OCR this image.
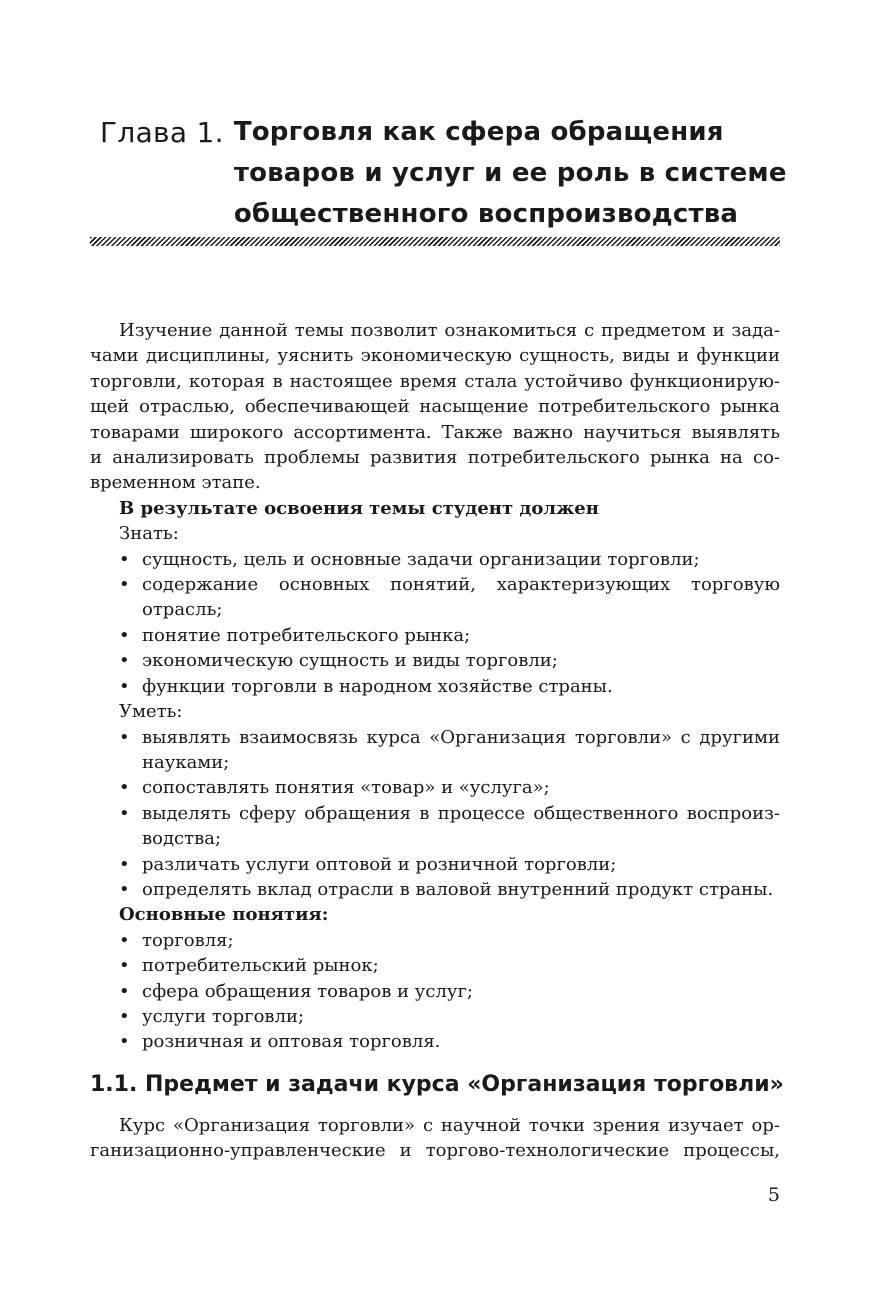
Глава 1. Торговля как сфера обращения
товаров и услуг и ее роль в системе
общественного воспроизводства

Изучение данной темы позволит ознакомиться с предметом и зада-
чами дисциплины, уяснить экономическую сущность, виды и функции
торговли, которая в настоящее время стала устойчиво функционирую-
щей отраслью, обеспечивающей насыщение потребительского рынка
товарами широкого ассортимента. Также важно научиться выявлять
и анализировать проблемы развития потребительского рынка на со-
временном этапе.

В результате освоения темы студент должен

Знать:

• сущность, цель и основные задачи организации торговли;
• содержание основных понятий, характеризующих торговую
отрасль;
• понятие потребительского рынка;
• экономическую сущность и виды торговли;
• функции торговли в народном хозяйстве страны.

Уметь:

• выявлять взаимосвязь курса «Организация торговли» с другими
науками;
• сопоставлять понятия «товар» и «услуга»;
• выделять сферу обращения в процессе общественного воспроиз-
водства;
• различать услуги оптовой и розничной торговли;
• определять вклад отрасли в валовой внутренний продукт страны.

Основные понятия:

• торговля;
• потребительский рынок;
• сфера обращения товаров и услуг;
• услуги торговли;
• розничная и оптовая торговля.
1.1. Предмет и задачи курса «Организация торговли»

Курс «Организация торговли» с научной точки зрения изучает ор-
ганизационно-управленческие и торгово-технологические процессы,

5
